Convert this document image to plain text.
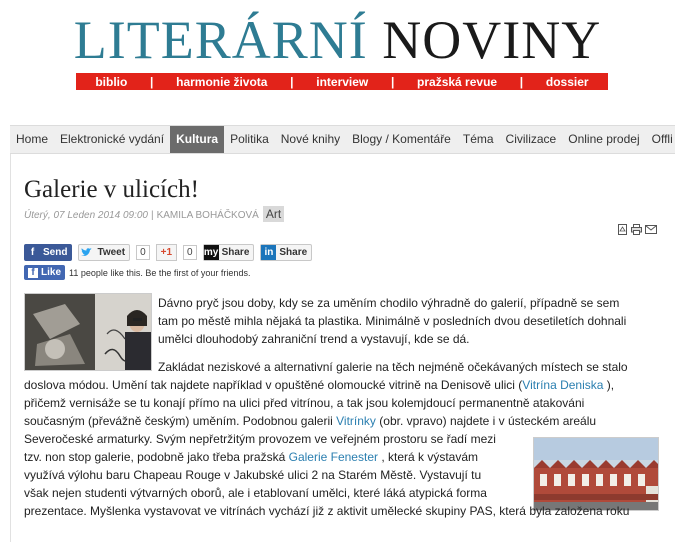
LITERÁRNÍ NOVINY
biblio | harmonie života | interview | pražská revue | dossier
Home	Elektronické vydání	Kultura	Politika	Nové knihy	Blogy / Komentáře	Téma	Civilizace	Online prodej	Offli
Galerie v ulicích!
Úterý, 07 Leden 2014 09:00 | KAMILA BOHÁČKOVÁ Art
f Send	Tweet	0	+1	0	my Share	in Share
f Like 11 people like this. Be the first of your friends.
Dávno pryč jsou doby, kdy se za uměním chodilo výhradně do galerií, případně se sem
tam po městě mihla nějaká ta plastika. Minimálně v posledních dvou desetiletích dohnali
umělci dlouhodobý zahraniční trend a vystavují, kde se dá.
Zakládat neziskové a alternativní galerie na těch nejméně očekávaných místech se stalo
doslova módou. Umění tak najdete například v opuštěné olomoucké vitrině na Denisově ulici (Vitrína Deniska ),
přičemž vernisáže se tu konají přímo na ulici před vitrínou, a tak jsou kolemjdoucí permanentně atakováni
současným (převážně českým) uměním. Podobnou galerii Vitrínky (obr. vpravo) najdete i v ústeckém areálu
Severočeské armaturky. Svým nepřetržitým provozem ve veřejném prostoru se řadí mezi
tzv. non stop galerie, podobně jako třeba pražská Galerie Fenester , která k výstavám
využívá výlohu baru Chapeau Rouge v Jakubské ulici 2 na Starém Městě. Vystavují tu
však nejen studenti výtvarných oborů, ale i etablovaní umělci, které láká atypická forma
prezentace. Myšlenka vystavovat ve vitrínách vychází již z aktivit umělecké skupiny PAS, která byla založena roku
